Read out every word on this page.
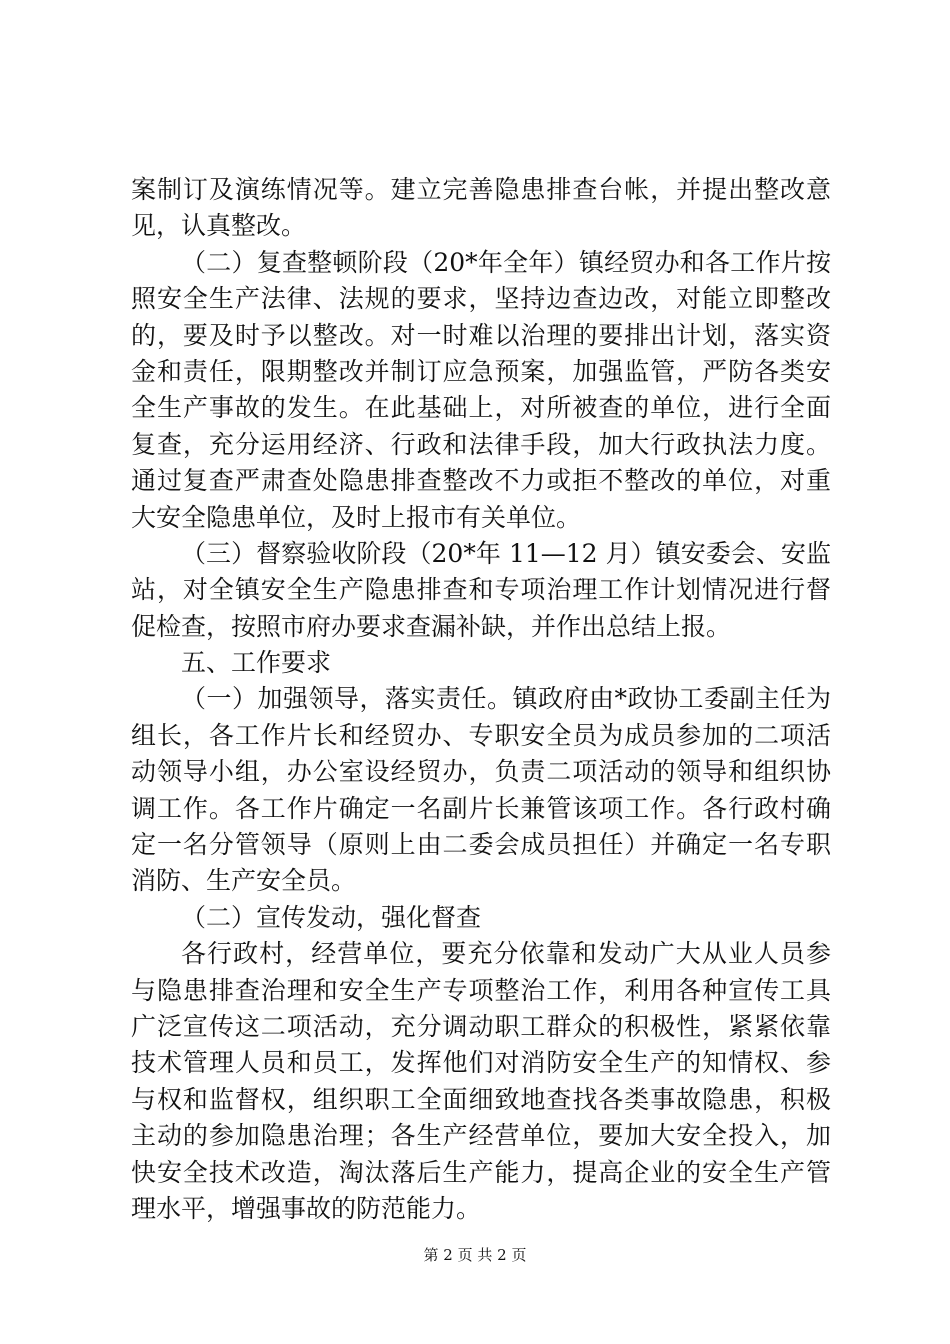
案制订及演练情况等。建立完善隐患排查台帐，并提出整改意
见，认真整改。
（二）复查整顿阶段（20*年全年）镇经贸办和各工作片按
照安全生产法律、法规的要求，坚持边查边改，对能立即整改
的，要及时予以整改。对一时难以治理的要排出计划，落实资
金和责任，限期整改并制订应急预案，加强监管，严防各类安
全生产事故的发生。在此基础上，对所被查的单位，进行全面
复查，充分运用经济、行政和法律手段，加大行政执法力度。
通过复查严肃查处隐患排查整改不力或拒不整改的单位，对重
大安全隐患单位，及时上报市有关单位。
（三）督察验收阶段（20*年 11—12 月）镇安委会、安监
站，对全镇安全生产隐患排查和专项治理工作计划情况进行督
促检查，按照市府办要求查漏补缺，并作出总结上报。
五、工作要求
（一）加强领导，落实责任。镇政府由*政协工委副主任为
组长，各工作片长和经贸办、专职安全员为成员参加的二项活
动领导小组，办公室设经贸办，负责二项活动的领导和组织协
调工作。各工作片确定一名副片长兼管该项工作。各行政村确
定一名分管领导（原则上由二委会成员担任）并确定一名专职
消防、生产安全员。
（二）宣传发动，强化督查
各行政村，经营单位，要充分依靠和发动广大从业人员参
与隐患排查治理和安全生产专项整治工作，利用各种宣传工具
广泛宣传这二项活动，充分调动职工群众的积极性，紧紧依靠
技术管理人员和员工，发挥他们对消防安全生产的知情权、参
与权和监督权，组织职工全面细致地查找各类事故隐患，积极
主动的参加隐患治理；各生产经营单位，要加大安全投入，加
快安全技术改造，淘汰落后生产能力，提高企业的安全生产管
理水平，增强事故的防范能力。
第 2 页 共 2 页
